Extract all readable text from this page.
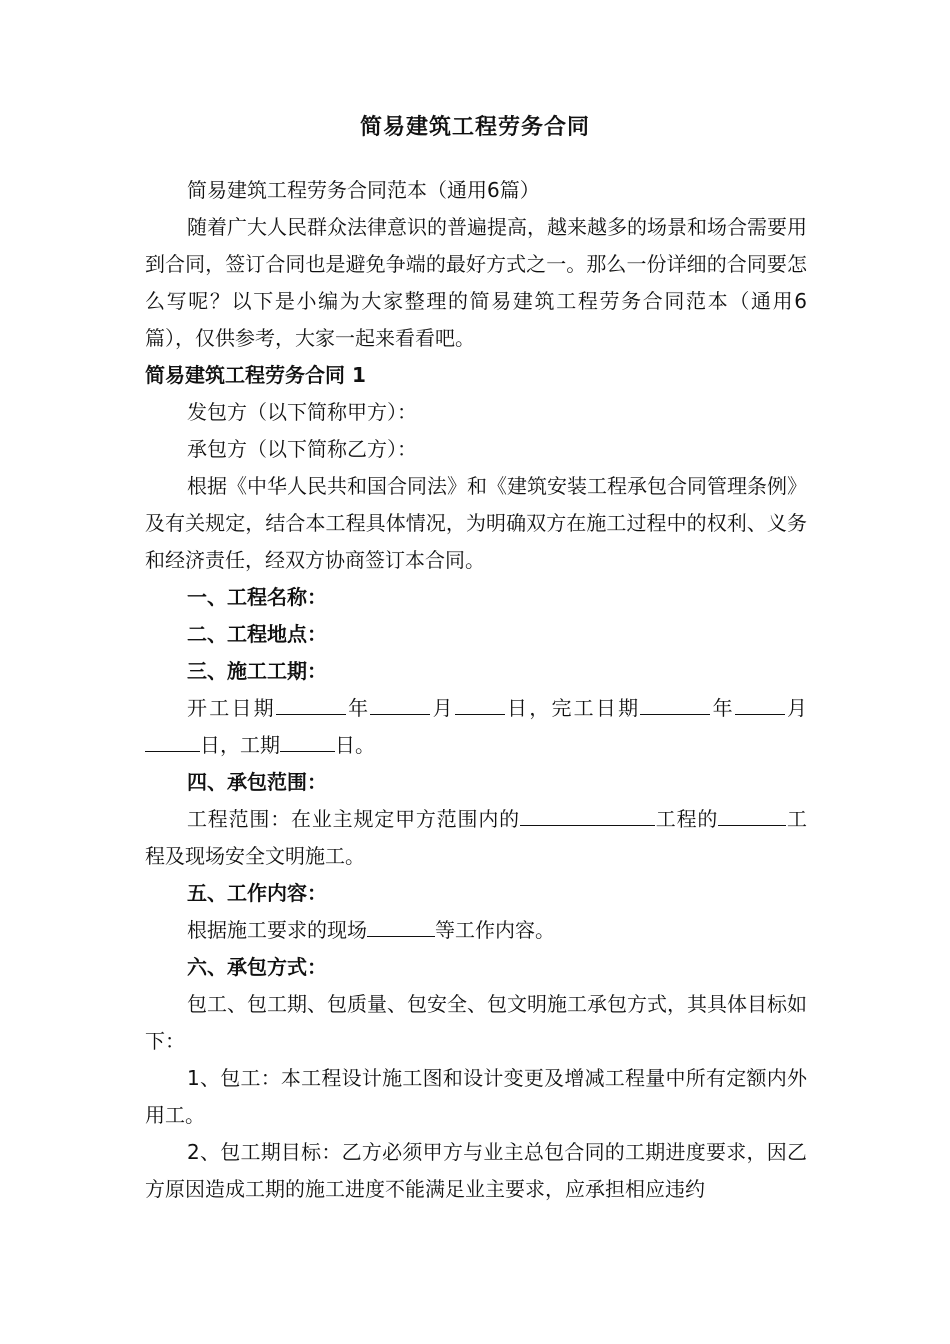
简易建筑工程劳务合同

简易建筑工程劳务合同范本（通用6篇）

随着广大人民群众法律意识的普遍提高，越来越多的场景和场合需要用到合同，签订合同也是避免争端的最好方式之一。那么一份详细的合同要怎么写呢？以下是小编为大家整理的简易建筑工程劳务合同范本（通用6篇），仅供参考，大家一起来看看吧。

简易建筑工程劳务合同 1

发包方（以下简称甲方）：

承包方（以下简称乙方）：

根据《中华人民共和国合同法》和《建筑安装工程承包合同管理条例》及有关规定，结合本工程具体情况，为明确双方在施工过程中的权利、义务和经济责任，经双方协商签订本合同。

一、工程名称：

二、工程地点：

三、施工工期：

开工日期	年	月	日，完工日期	年	月日，工期	日。

四、承包范围：

工程范围：在业主规定甲方范围内的	工程的	工程及现场安全文明施工。

五、工作内容：

根据施工要求的现场	等工作内容。

六、承包方式：

包工、包工期、包质量、包安全、包文明施工承包方式，其具体目标如下：

1、包工：本工程设计施工图和设计变更及增减工程量中所有定额内外用工。

2、包工期目标：乙方必须甲方与业主总包合同的工期进度要求，因乙方原因造成工期的施工进度不能满足业主要求，应承担相应违约
